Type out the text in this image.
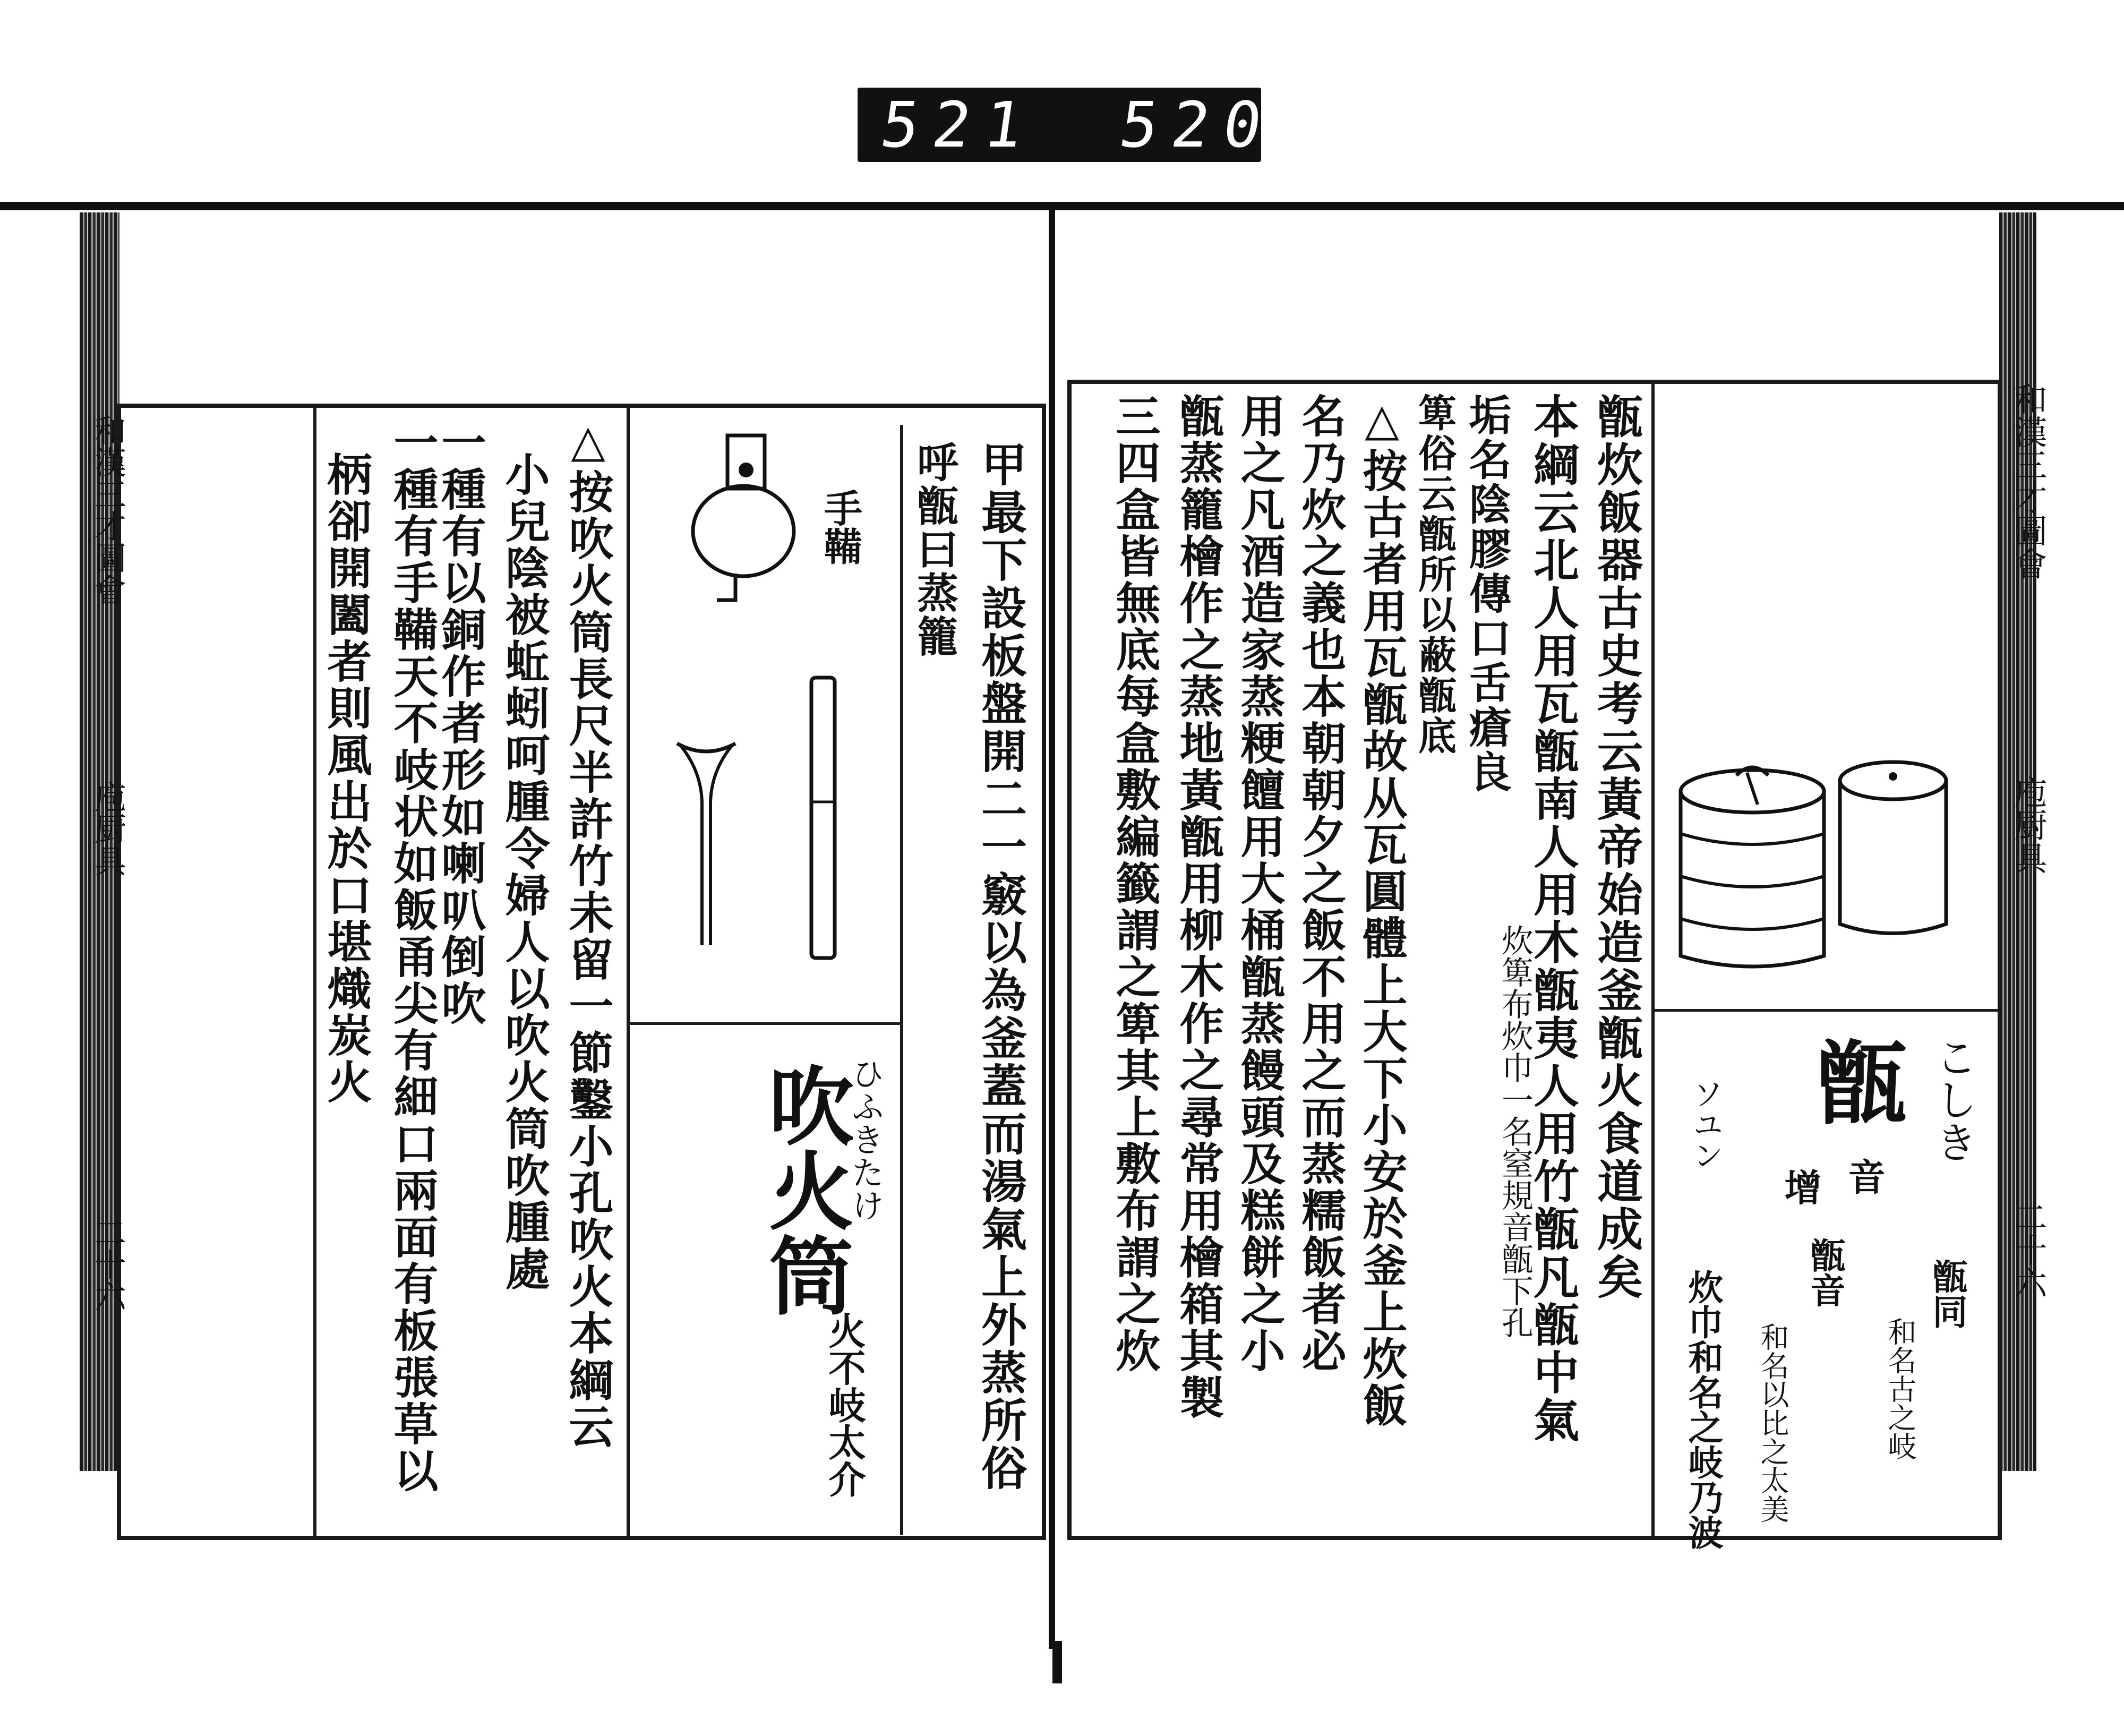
521 520
和漢三才圖會
庖厨具
二十六	甲最下設板盤開二一竅以為釜蓋而湯氣上外蒸所俗
呼甑曰蒸籠
△按吹火筒長尺半許竹未留一節鑿小孔吹火本綱云
小兒陰被蚯蚓呵腫令婦人以吹火筒吹腫處
一種有以銅作者形如喇叭倒吹
一種有手鞴天不岐状如飯甬尖有細口兩面有板張草以
柄卻開闔者則風出於口堪熾炭火	手鞴
吹火筒
ひふきたけ
火不岐太介
和漢三才圖會
庖厨具
二十六
甑
音
增
こしき
ソユン
甑同
和名古之岐
甑音
和名以比之太美
炊巾和名之岐乃波
甑炊飯器古史考云黃帝始造釜甑火食道成矣
本綱云北人用瓦甑南人用木甑夷人用竹甑凡甑中氣
垢名陰膠傳口舌瘡良
箄俗云甑所以蔽甑底
△按古者用瓦甑故从瓦圓體上大下小安於釜上炊飯
名乃炊之義也本朝朝夕之飯不用之而蒸糯飯者必
用之凡酒造家蒸粳饘用大桶甑蒸饅頭及糕餅之小
甑蒸籠檜作之蒸地黃甑用柳木作之尋常用檜箱其製
三四盒皆無底每盒敷編籤謂之箄其上敷布謂之炊	炊箄布炊巾一名窒規音甑下孔
